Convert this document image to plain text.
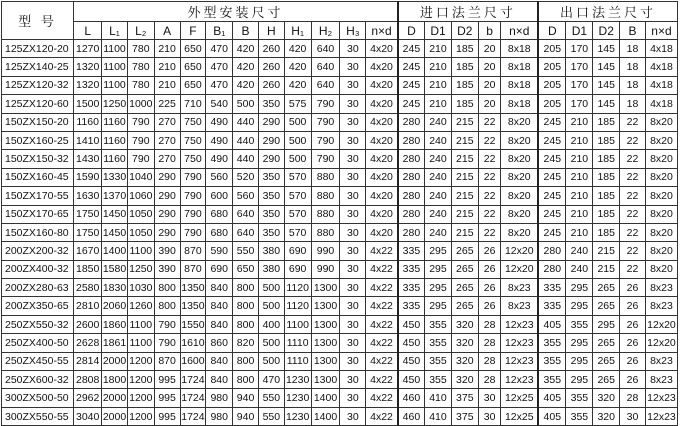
型 号	外型安装尺寸												进口法兰尺寸					出口法兰尺寸				
	L	L₁	L₂	A	F	B₁	B	H	H₁	H₂	H₃	n×d	D	D1	D2	b	n×d	D	D1	D2	B	n×d
125ZX120-20	1270	1100	780	210	650	470	420	260	420	640	30	4x20	245	210	185	20	8x18	205	170	145	18	4x18
125ZX140-25	1320	1100	780	210	650	470	420	260	420	640	30	4x20	245	210	185	20	8x18	205	170	145	18	4x18
125ZX120-32	1320	1100	780	210	650	470	420	260	420	640	30	4x20	245	210	185	20	8x18	205	170	145	18	4x18
125ZX120-60	1500	1250	1000	225	710	540	500	350	575	790	30	4x20	245	210	185	20	8x18	205	170	145	18	4x18
150ZX150-20	1160	1160	790	270	750	490	440	290	500	790	30	4x20	280	240	215	22	8x20	245	210	185	22	8x20
150ZX160-25	1410	1160	790	270	750	490	440	290	500	790	30	4x20	280	240	215	22	8x20	245	210	185	22	8x20
150ZX150-32	1430	1160	790	270	750	490	440	290	500	790	30	4x20	280	240	215	22	8x20	245	210	185	22	8x20
150ZX160-45	1590	1330	1040	290	790	560	520	350	570	880	30	4x20	280	240	215	22	8x20	245	210	185	22	8x20
150ZX170-55	1630	1370	1060	290	790	600	560	350	570	880	30	4x20	280	240	215	22	8x20	245	210	185	22	8x20
150ZX170-65	1750	1450	1050	290	790	680	640	350	570	880	30	4x20	280	240	215	22	8x20	245	210	185	22	8x20
150ZX160-80	1750	1450	1050	290	790	680	640	350	570	880	30	4x20	280	240	215	22	8x20	245	210	185	22	8x20
200ZX200-32	1670	1400	1100	390	870	590	550	380	690	990	30	4x22	335	295	265	26	12x20	280	240	215	22	8x20
200ZX400-32	1850	1580	1250	390	870	690	650	380	690	990	30	4x22	335	295	265	26	12x20	280	240	215	22	8x20
200ZX280-63	2580	1830	1030	800	1350	840	800	500	1120	1300	30	4x22	335	295	265	26	8x23	335	295	265	26	8x23
200ZX350-65	2810	2060	1260	800	1350	840	800	500	1120	1300	30	4x22	335	295	265	26	8x23	335	295	265	26	8x23
250ZX550-32	2600	1860	1100	790	1550	840	800	400	1100	1300	30	4x22	450	355	320	28	12x23	405	355	295	26	12x20
250ZX400-50	2628	1861	1100	790	1610	860	820	500	1110	1300	30	4x22	450	355	320	28	12x23	355	295	265	26	12x20
250ZX450-55	2814	2000	1200	870	1600	840	800	500	1110	1300	30	4x22	450	355	320	28	12x23	355	295	265	26	8x23
250ZX600-32	2808	1800	1200	995	1724	840	800	470	1230	1300	30	4x22	450	355	320	28	12x23	355	295	265	26	8x23
300ZX500-50	2962	2000	1200	995	1724	980	940	550	1230	1400	30	4x22	460	410	375	30	12x25	405	355	320	28	12x23
300ZX550-55	3040	2000	1200	995	1724	980	940	550	1230	1400	30	4x22	460	410	375	30	12x25	405	355	320	30	12x23
